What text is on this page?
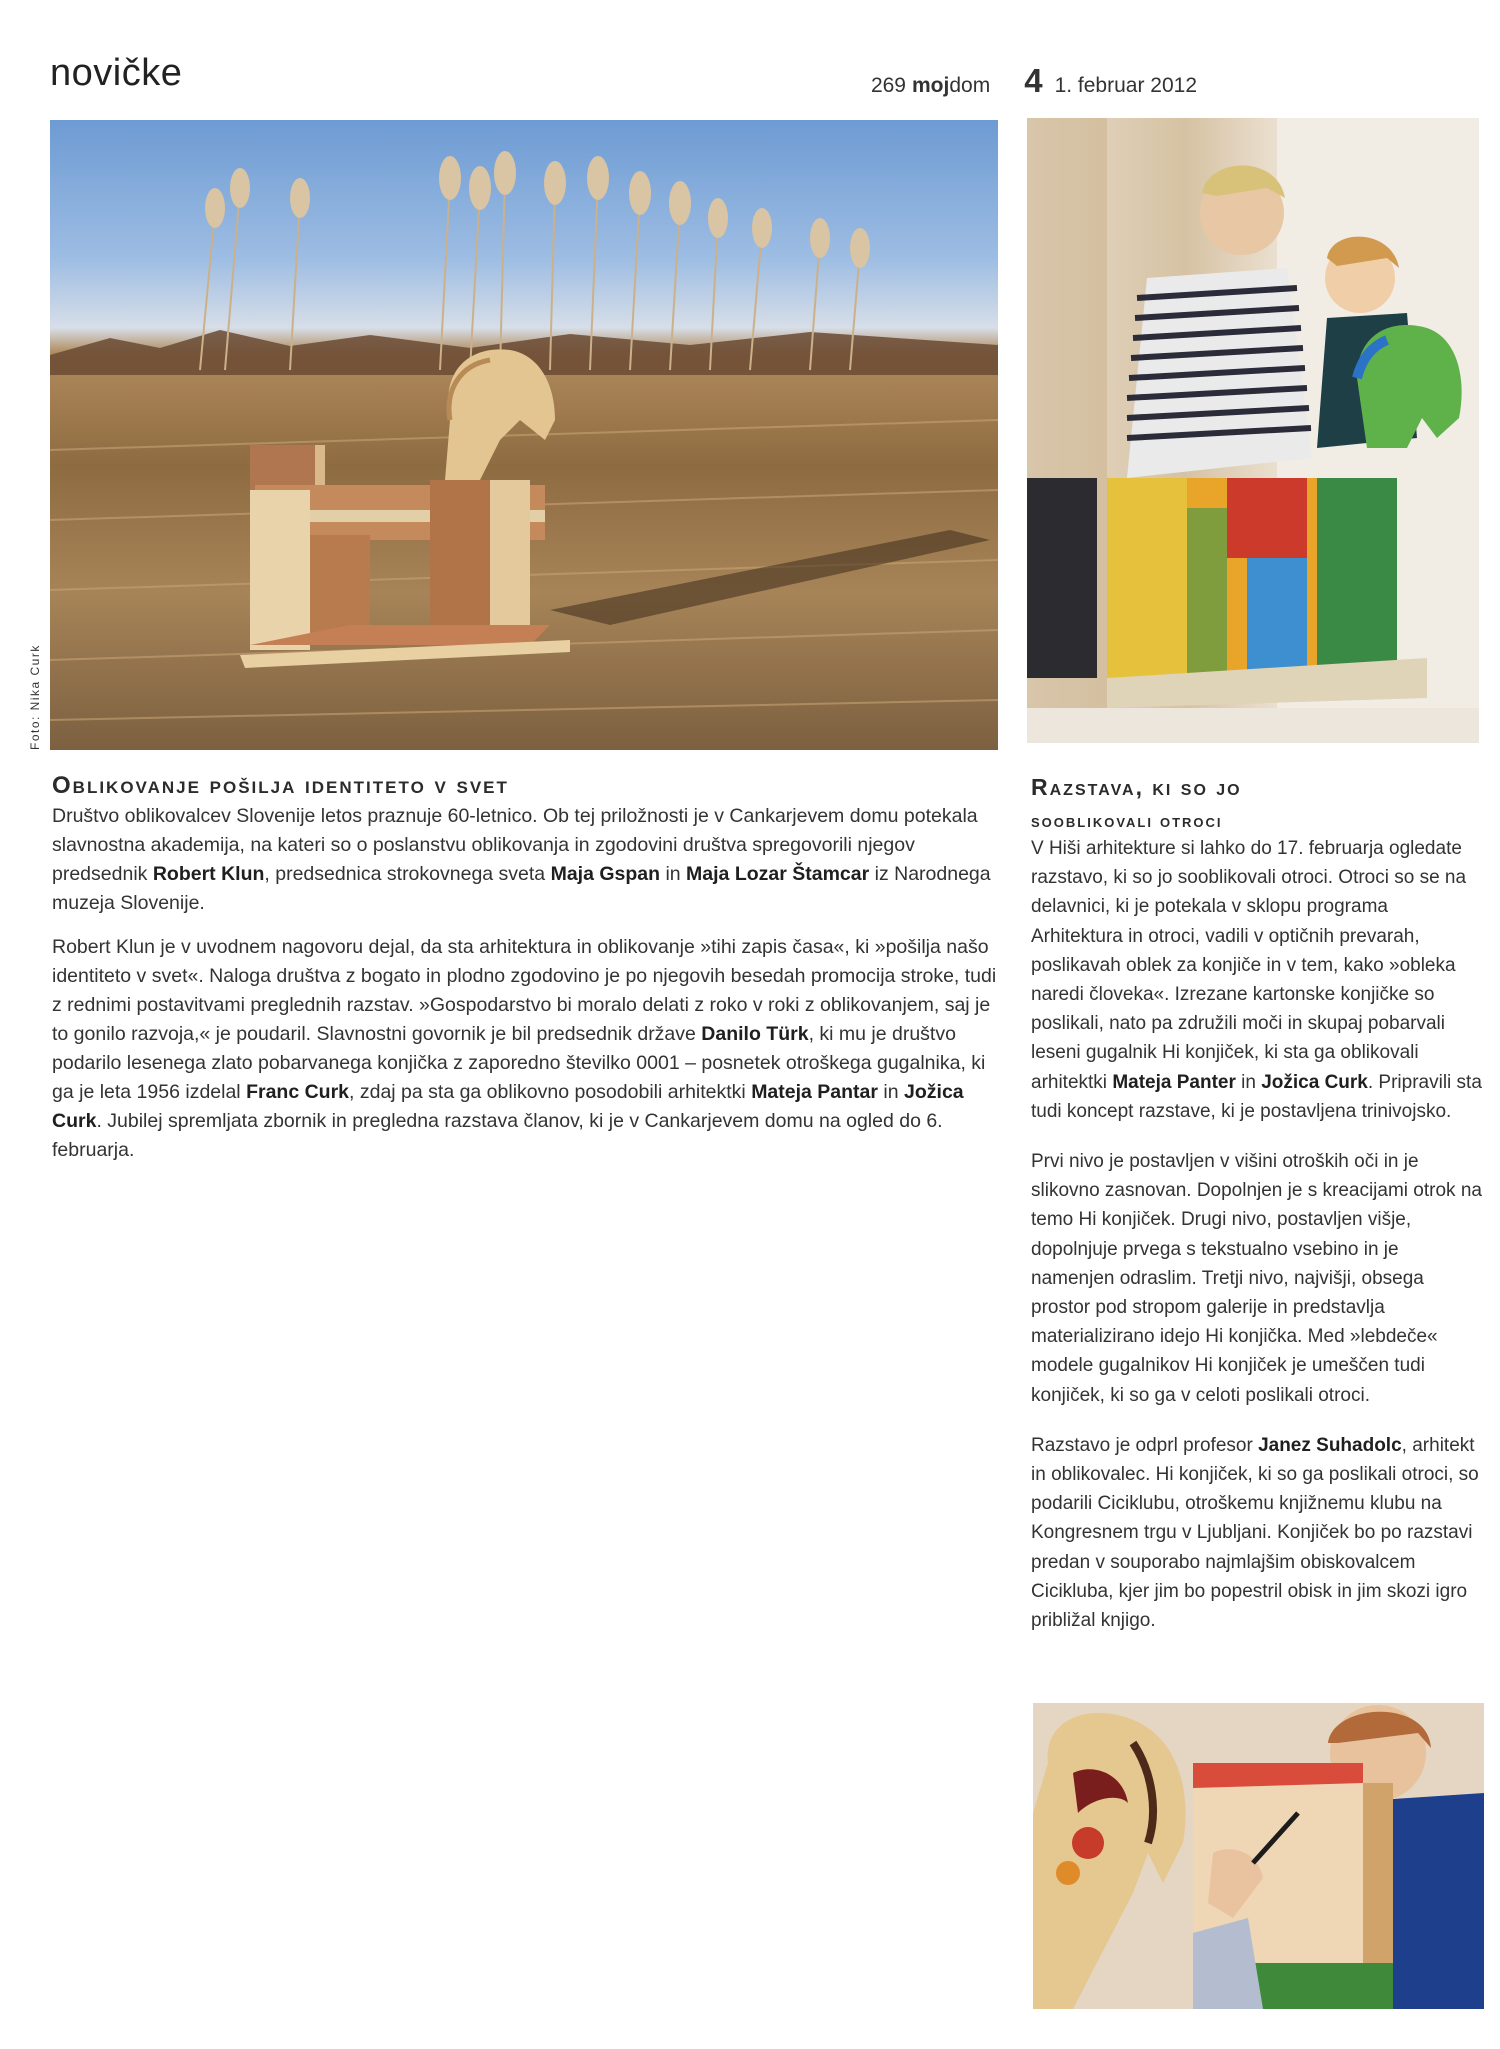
novičke	269 mojdom 4 1. februar 2012
Foto: Nika Curk
Oblikovanje pošilja identiteto v svet

Društvo oblikovalcev Slovenije letos praznuje 60-letnico. Ob tej priložnosti je v Cankarjevem domu potekala slavnostna akademija, na kateri so o poslanstvu oblikovanja in zgodovini društva spregovorili njegov predsednik Robert Klun, predsednica strokovnega sveta Maja Gspan in Maja Lozar Štamcar iz Narodnega muzeja Slovenije.

Robert Klun je v uvodnem nagovoru dejal, da sta arhitektura in oblikovanje »tihi zapis časa«, ki »pošilja našo identiteto v svet«. Naloga društva z bogato in plodno zgodovino je po njegovih besedah promocija stroke, tudi z rednimi postavitvami preglednih razstav. »Gospodarstvo bi moralo delati z roko v roki z oblikovanjem, saj je to gonilo razvoja,« je poudaril. Slavnostni govornik je bil predsednik države Danilo Türk, ki mu je društvo podarilo lesenega zlato pobarvanega konjička z zaporedno številko 0001 – posnetek otroškega gugalnika, ki ga je leta 1956 izdelal Franc Curk, zdaj pa sta ga oblikovno posodobili arhitektki Mateja Pantar in Jožica Curk. Jubilej spremljata zbornik in pregledna razstava članov, ki je v Cankarjevem domu na ogled do 6. februarja.

Razstava, ki so jo
sooblikovali otroci

V Hiši arhitekture si lahko do 17. februarja ogledate razstavo, ki so jo sooblikovali otroci. Otroci so se na delavnici, ki je potekala v sklopu programa Arhitektura in otroci, vadili v optičnih prevarah, poslikavah oblek za konjiče in v tem, kako »obleka naredi človeka«. Izrezane kartonske konjičke so poslikali, nato pa združili moči in skupaj pobarvali leseni gugalnik Hi konjiček, ki sta ga oblikovali arhitektki Mateja Panter in Jožica Curk. Pripravili sta tudi koncept razstave, ki je postavljena trinivojsko.

Prvi nivo je postavljen v višini otroških oči in je slikovno zasnovan. Dopolnjen je s kreacijami otrok na temo Hi konjiček. Drugi nivo, postavljen višje, dopolnjuje prvega s tekstualno vsebino in je namenjen odraslim. Tretji nivo, najvišji, obsega prostor pod stropom galerije in predstavlja materializirano idejo Hi konjička. Med »lebdeče« modele gugalnikov Hi konjiček je umeščen tudi konjiček, ki so ga v celoti poslikali otroci.

Razstavo je odprl profesor Janez Suhadolc, arhitekt in oblikovalec. Hi konjiček, ki so ga poslikali otroci, so podarili Ciciklubu, otroškemu knjižnemu klubu na Kongresnem trgu v Ljubljani. Konjiček bo po razstavi predan v souporabo najmlajšim obiskovalcem Cicikluba, kjer jim bo popestril obisk in jim skozi igro približal knjigo.
